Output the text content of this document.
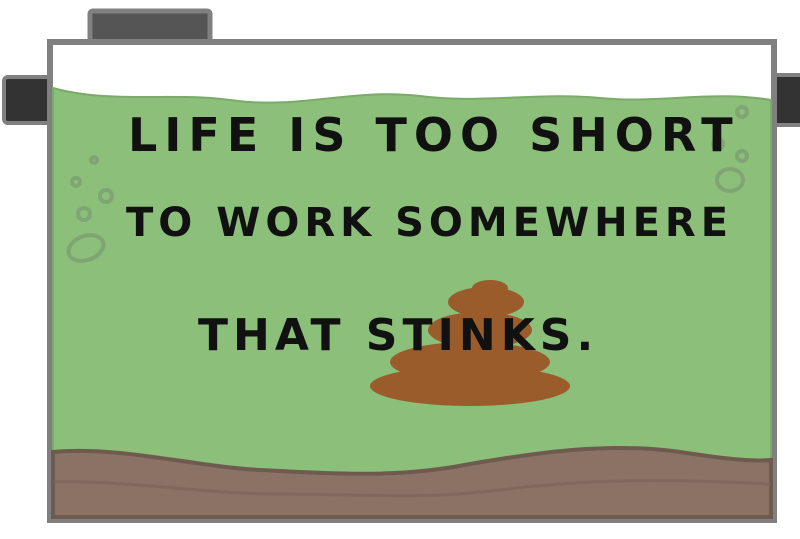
LIFE IS TOO SHORT
TO WORK SOMEWHERE
THAT STINKS.
